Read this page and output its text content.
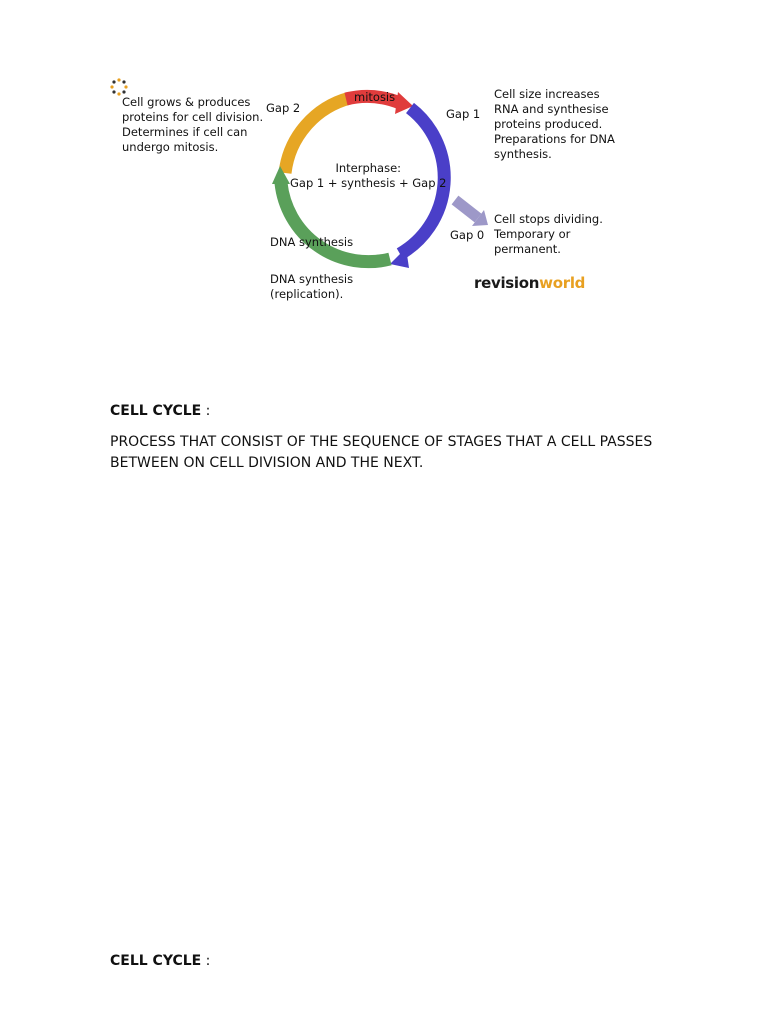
Cell grows & produces
proteins for cell division.
Determines if cell can
undergo mitosis.
Gap 2
mitosis
Gap 1
Cell size increases
RNA and synthesise
proteins produced.
Preparations for DNA
synthesis.
Interphase:
Gap 1 + synthesis + Gap 2
Gap 0
Cell stops dividing.
Temporary or
permanent.
DNA synthesis
DNA synthesis
(replication).
revisionworld
CELL CYCLE :
PROCESS THAT CONSIST OF THE SEQUENCE OF STAGES THAT A CELL PASSES BETWEEN ON CELL DIVISION AND THE NEXT.
CELL CYCLE :
